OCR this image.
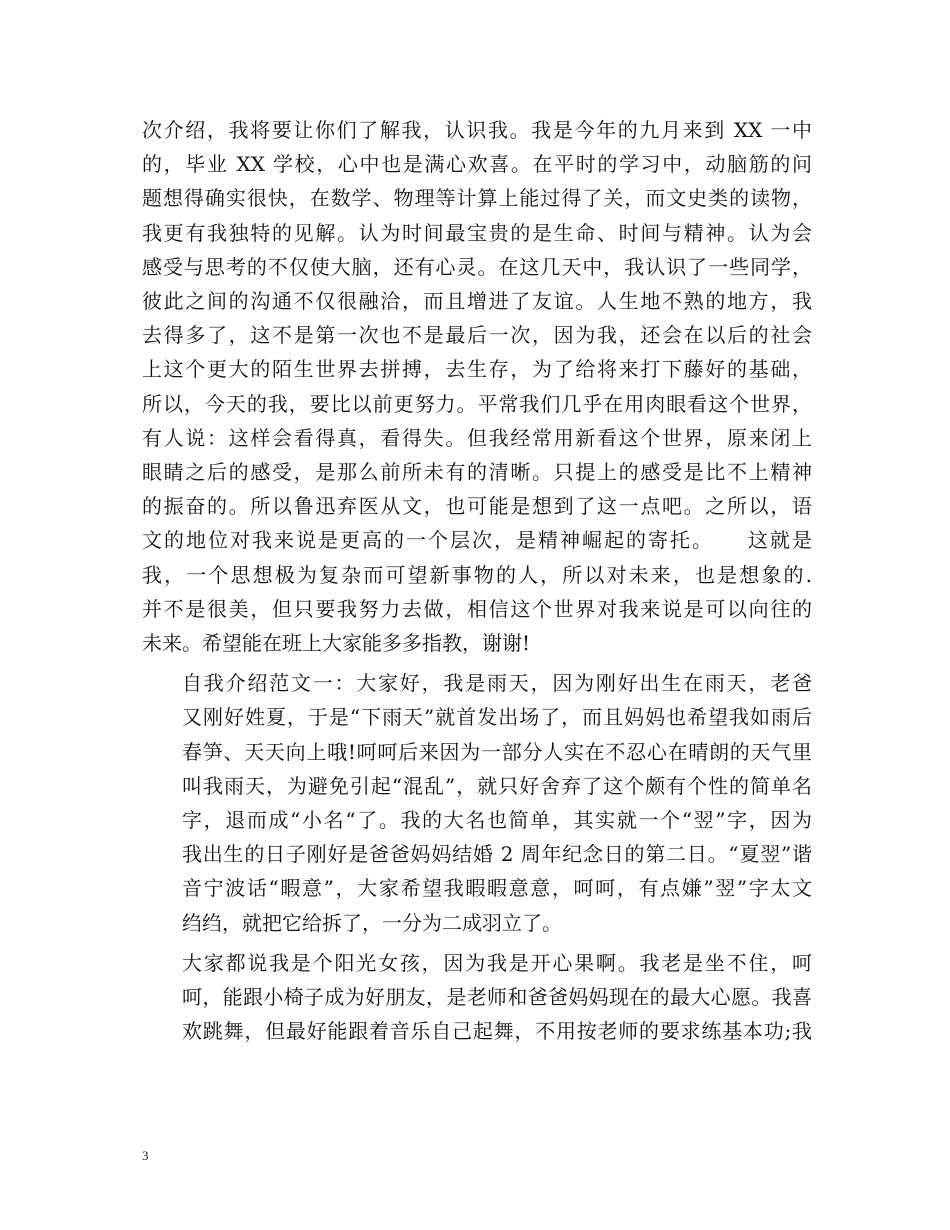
次介绍，我将要让你们了解我，认识我。我是今年的九月来到 XX 一中
的，毕业 XX 学校，心中也是满心欢喜。在平时的学习中，动脑筋的问
题想得确实很快，在数学、物理等计算上能过得了关，而文史类的读物，
我更有我独特的见解。认为时间最宝贵的是生命、时间与精神。认为会
感受与思考的不仅使大脑，还有心灵。在这几天中，我认识了一些同学，
彼此之间的沟通不仅很融洽，而且增进了友谊。人生地不熟的地方，我
去得多了，这不是第一次也不是最后一次，因为我，还会在以后的社会
上这个更大的陌生世界去拼搏，去生存，为了给将来打下藤好的基础，
所以，今天的我，要比以前更努力。平常我们几乎在用肉眼看这个世界，
有人说：这样会看得真，看得失。但我经常用新看这个世界，原来闭上
眼睛之后的感受，是那么前所未有的清晰。只提上的感受是比不上精神
的振奋的。所以鲁迅弃医从文，也可能是想到了这一点吧。之所以，语
文的地位对我来说是更高的一个层次，是精神崛起的寄托。　　这就是
我，一个思想极为复杂而可望新事物的人，所以对未来，也是想象的.
并不是很美，但只要我努力去做，相信这个世界对我来说是可以向往的
未来。希望能在班上大家能多多指教，谢谢!

自我介绍范文一：大家好，我是雨天，因为刚好出生在雨天，老爸
又刚好姓夏，于是“下雨天”就首发出场了，而且妈妈也希望我如雨后
春笋、天天向上哦!呵呵后来因为一部分人实在不忍心在晴朗的天气里
叫我雨天，为避免引起“混乱”，就只好舍弃了这个颇有个性的简单名
字，退而成“小名“了。我的大名也简单，其实就一个“翌”字，因为
我出生的日子刚好是爸爸妈妈结婚 2 周年纪念日的第二日。“夏翌”谐
音宁波话“暇意”，大家希望我暇暇意意，呵呵，有点嫌”翌”字太文
绉绉，就把它给拆了，一分为二成羽立了。

大家都说我是个阳光女孩，因为我是开心果啊。我老是坐不住，呵
呵，能跟小椅子成为好朋友，是老师和爸爸妈妈现在的最大心愿。我喜
欢跳舞，但最好能跟着音乐自己起舞，不用按老师的要求练基本功;我

3
